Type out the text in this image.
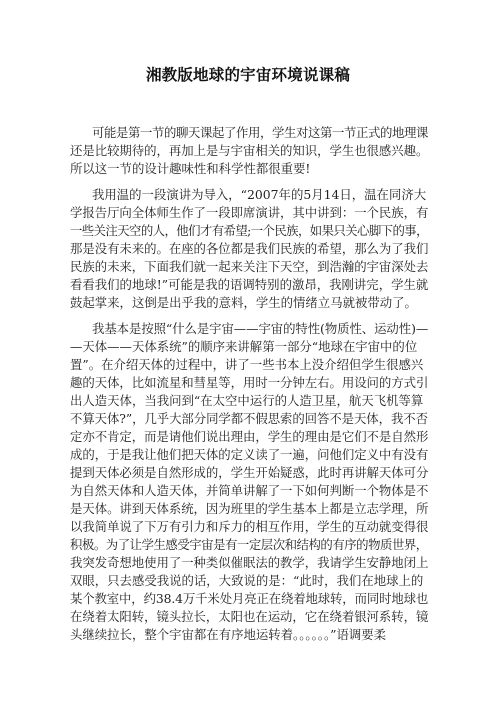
湘教版地球的宇宙环境说课稿
可能是第一节的聊天课起了作用，学生对这第一节正式的地理课
还是比较期待的，再加上是与宇宙相关的知识，学生也很感兴趣。
所以这一节的设计趣味性和科学性都很重要!
我用温的一段演讲为导入，“2007年的5月14日，温在同济大
学报告厅向全体师生作了一段即席演讲，其中讲到：一个民族，有
一些关注天空的人，他们才有希望;一个民族，如果只关心脚下的事，
那是没有未来的。在座的各位都是我们民族的希望，那么为了我们
民族的未来，下面我们就一起来关注下天空，到浩瀚的宇宙深处去
看看我们的地球!”可能是我的语调特别的激昂，我刚讲完，学生就
鼓起掌来，这倒是出乎我的意料，学生的情绪立马就被带动了。
我基本是按照“什么是宇宙——宇宙的特性(物质性、运动性)—
—天体——天体系统”的顺序来讲解第一部分“地球在宇宙中的位
置”。在介绍天体的过程中，讲了一些书本上没介绍但学生很感兴
趣的天体，比如流星和彗星等，用时一分钟左右。用设问的方式引
出人造天体，当我问到“在太空中运行的人造卫星，航天飞机等算
不算天体?”，几乎大部分同学都不假思索的回答不是天体，我不否
定亦不肯定，而是请他们说出理由，学生的理由是它们不是自然形
成的，于是我让他们把天体的定义读了一遍，问他们定义中有没有
提到天体必须是自然形成的，学生开始疑惑，此时再讲解天体可分
为自然天体和人造天体，并简单讲解了一下如何判断一个物体是不
是天体。讲到天体系统，因为班里的学生基本上都是立志学理，所
以我简单说了下万有引力和斥力的相互作用，学生的互动就变得很
积极。为了让学生感受宇宙是有一定层次和结构的有序的物质世界，
我突发奇想地使用了一种类似催眠法的教学，我请学生安静地闭上
双眼，只去感受我说的话，大致说的是：“此时，我们在地球上的
某个教室中，约38.4万千米处月亮正在绕着地球转，而同时地球也
在绕着太阳转，镜头拉长，太阳也在运动，它在绕着银河系转，镜
头继续拉长，整个宇宙都在有序地运转着。。。。。。”语调要柔
